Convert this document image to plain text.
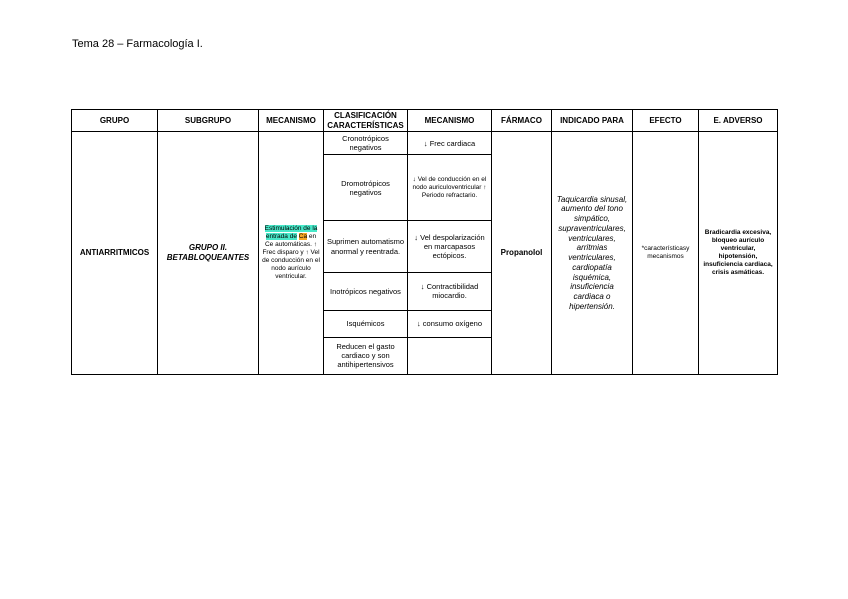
Tema 28 – Farmacología I.
GRUPO	SUBGRUPO	MECANISMO	CLASIFICACIÓN CARACTERÍSTICAS	MECANISMO	FÁRMACO	INDICADO PARA	EFECTO	E. ADVERSO
ANTIARRITMICOS	GRUPO II. BETABLOQUEANTES	Estimulación de la entrada de Ca en Ce automáticas. ↑ Frec disparo y ↑ Vel de conducción en el nodo aurículo ventricular.	Cronotrópicos negativos	↓ Frec cardiaca	Propanolol	Taquicardia sinusal, aumento del tono simpático, supraventriculares, ventriculares, arritmias ventriculares, cardiopatía isquémica, insuficiencia cardiaca o hipertensión.	*característicasy mecanismos	Bradicardia excesiva, bloqueo aurículo ventricular, hipotensión, insuficiencia cardiaca, crisis asmáticas.
			Dromotrópicos negativos	↓ Vel de conducción en el nodo auriculoventricular ↑ Periodo refractario.				
			Suprimen automatismo anormal y reentrada.	↓ Vel despolarización en marcapasos ectópicos.				
			Inotrópicos negativos	↓ Contractibilidad miocardio.				
			Isquémicos	↓ consumo oxígeno				
			Reducen el gasto cardiaco y son antihipertensivos					
